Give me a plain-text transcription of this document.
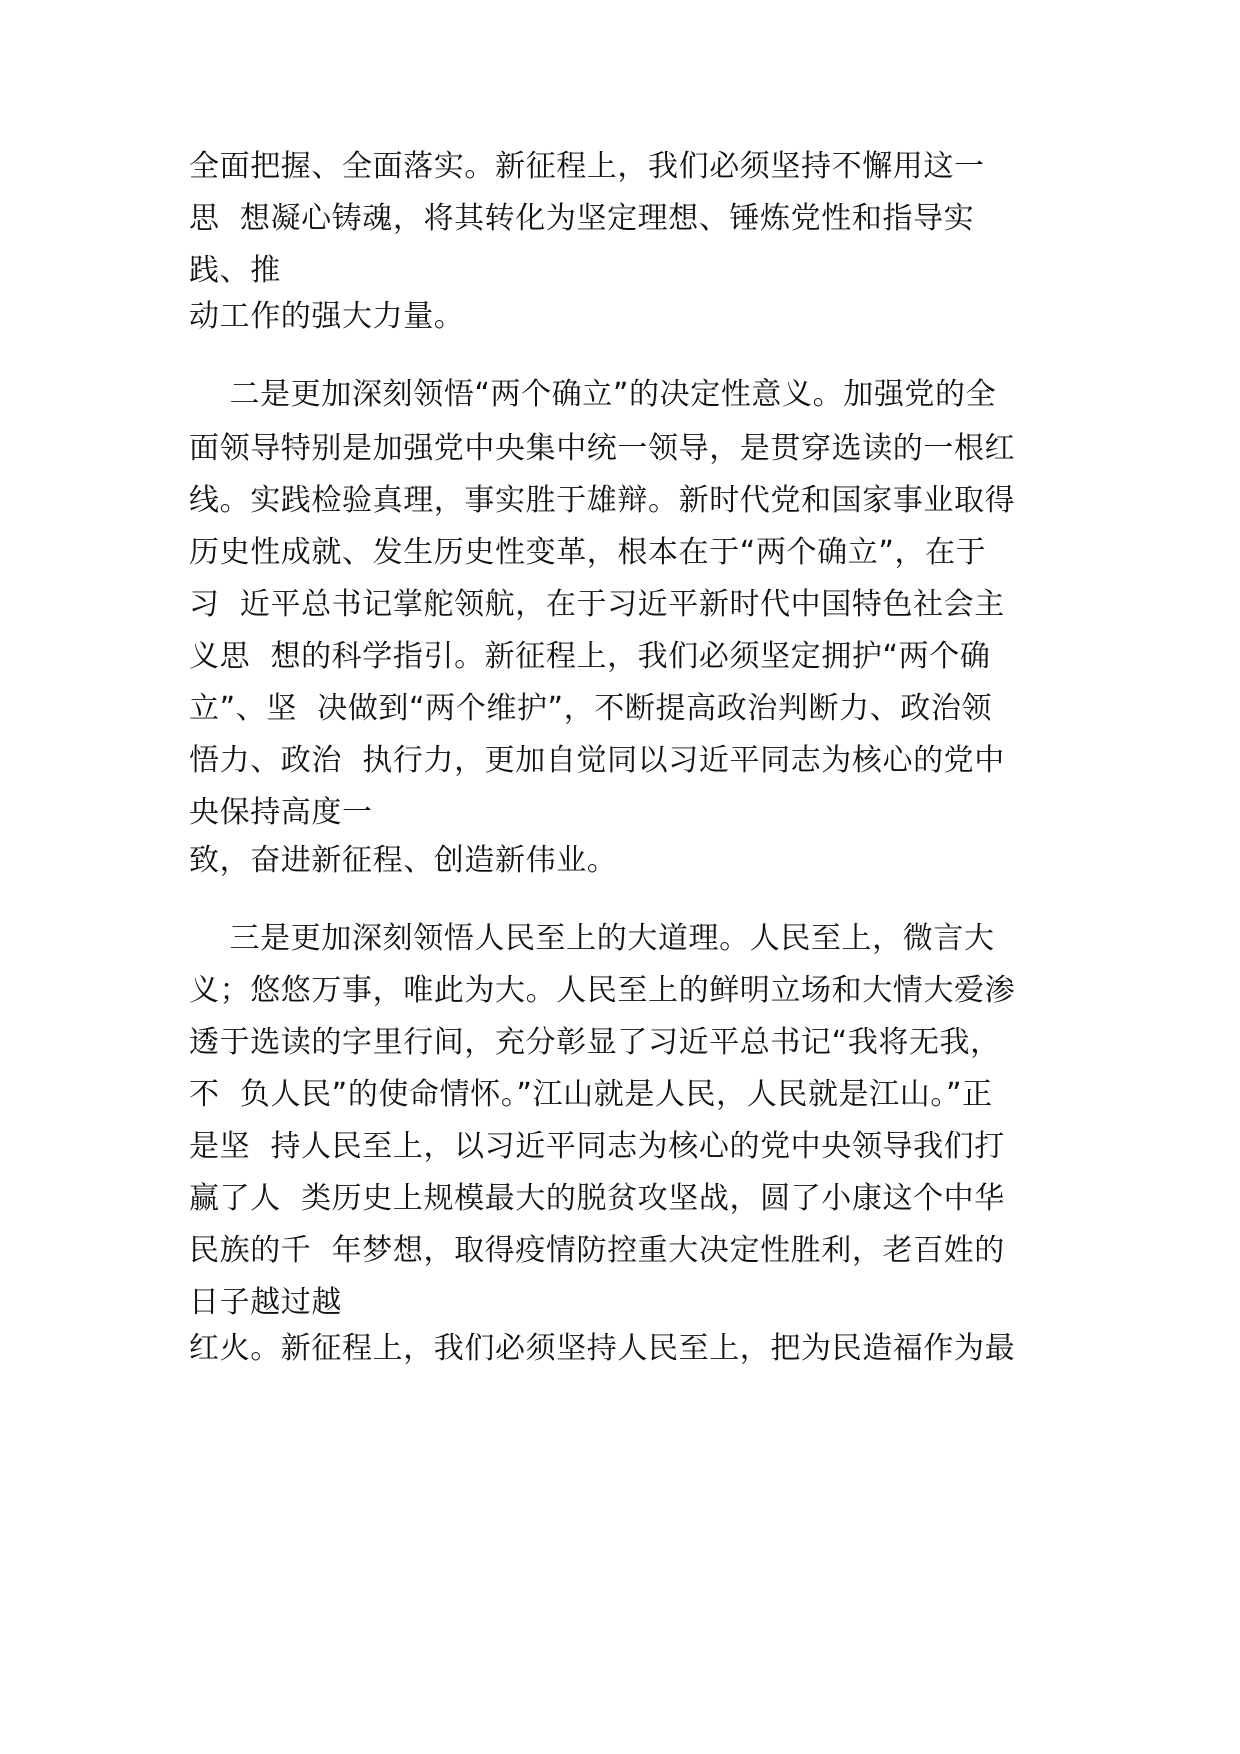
全面把握、全面落实。新征程上，我们必须坚持不懈用这一
思  想凝心铸魂，将其转化为坚定理想、锤炼党性和指导实
践、推
动工作的强大力量。
二是更加深刻领悟“两个确立”的决定性意义。加强党的全
面领导特别是加强党中央集中统一领导，是贯穿选读的一根红
线。实践检验真理，事实胜于雄辩。新时代党和国家事业取得
历史性成就、发生历史性变革，根本在于“两个确立”，在于
习  近平总书记掌舵领航，在于习近平新时代中国特色社会主
义思  想的科学指引。新征程上，我们必须坚定拥护“两个确
立”、坚  决做到“两个维护”，不断提高政治判断力、政治领
悟力、政治  执行力，更加自觉同以习近平同志为核心的党中
央保持高度一
致，奋进新征程、创造新伟业。
三是更加深刻领悟人民至上的大道理。人民至上，微言大
义；悠悠万事，唯此为大。人民至上的鲜明立场和大情大爱渗
透于选读的字里行间，充分彰显了习近平总书记“我将无我，
不  负人民”的使命情怀。”江山就是人民，人民就是江山。”正
是坚  持人民至上，以习近平同志为核心的党中央领导我们打
赢了人  类历史上规模最大的脱贫攻坚战，圆了小康这个中华
民族的千  年梦想，取得疫情防控重大决定性胜利，老百姓的
日子越过越
红火。新征程上，我们必须坚持人民至上，把为民造福作为最
